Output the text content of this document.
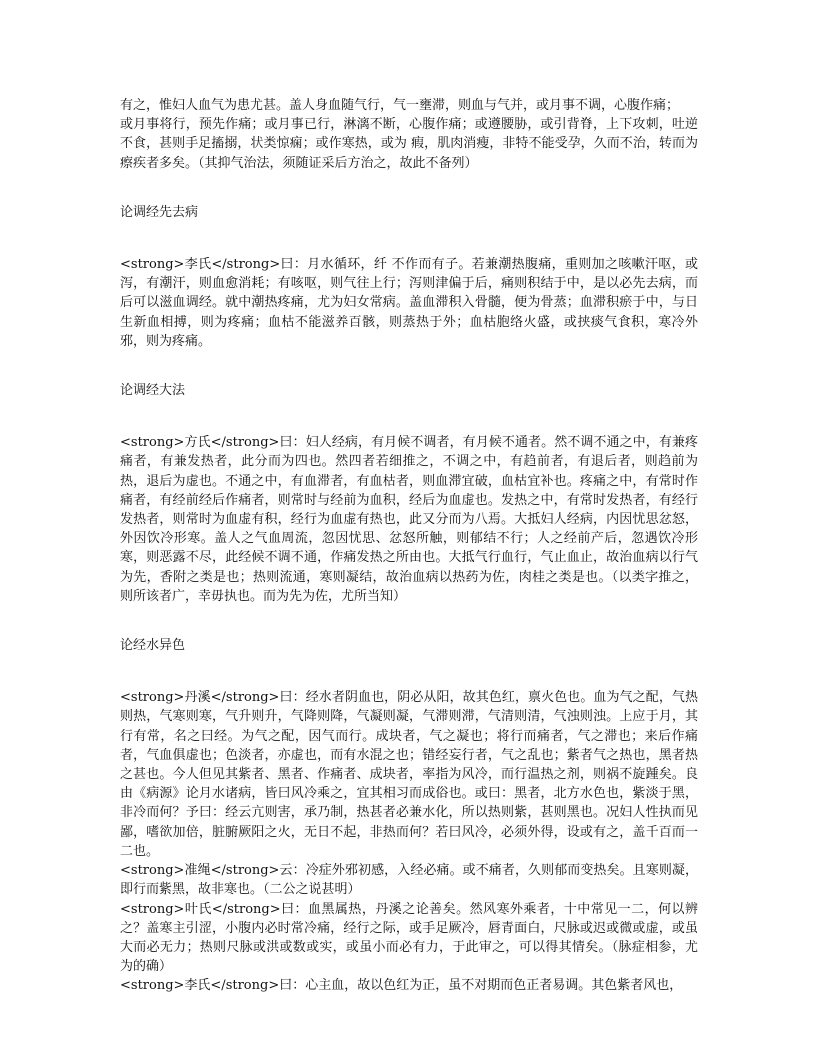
有之，惟妇人血气为患尤甚。盖人身血随气行，气一壅滞，则血与气并，或月事不调，心腹作痛；

或月事将行，预先作痛；或月事已行，淋漓不断，心腹作痛；或遵腰胁，或引背脊，上下攻刺，吐逆不食，甚则手足搐搦，状类惊痫；或作寒热，或为 瘕，肌肉消瘦，非特不能受孕，久而不治，转而为瘵疾者多矣。（其抑气治法，须随证采后方治之，故此不备列）

论调经先去病

<strong>李氏</strong>曰：月水循环，纤 不作而有子。若兼潮热腹痛，重则加之咳嗽汗呕，或泻，有潮汗，则血愈消耗；有咳呕，则气往上行；泻则津偏于后，痛则积结于中，是以必先去病，而后可以滋血调经。就中潮热疼痛，尤为妇女常病。盖血滞积入骨髓，便为骨蒸；血滞积瘀于中，与日生新血相搏，则为疼痛；血枯不能滋养百骸，则蒸热于外；血枯胞络火盛，或挟痰气食积，寒冷外邪，则为疼痛。

论调经大法

<strong>方氏</strong>曰：妇人经病，有月候不调者，有月候不通者。然不调不通之中，有兼疼痛者，有兼发热者，此分而为四也。然四者若细推之，不调之中，有趋前者，有退后者，则趋前为热，退后为虚也。不通之中，有血滞者，有血枯者，则血滞宜破，血枯宜补也。疼痛之中，有常时作痛者，有经前经后作痛者，则常时与经前为血积，经后为血虚也。发热之中，有常时发热者，有经行发热者，则常时为血虚有积，经行为血虚有热也，此又分而为八焉。大抵妇人经病，内因忧思忿怒，外因饮冷形寒。盖人之气血周流，忽因忧思、忿怒所触，则郁结不行；人之经前产后，忽遇饮冷形寒，则恶露不尽，此经候不调不通，作痛发热之所由也。大抵气行血行，气止血止，故治血病以行气为先，香附之类是也；热则流通，寒则凝结，故治血病以热药为佐，肉桂之类是也。（以类字推之，则所该者广，幸毋执也。而为先为佐，尤所当知）

论经水异色

<strong>丹溪</strong>曰：经水者阴血也，阴必从阳，故其色红，禀火色也。血为气之配，气热则热，气寒则寒，气升则升，气降则降，气凝则凝，气滞则滞，气清则清，气浊则浊。上应于月，其行有常，名之曰经。为气之配，因气而行。成块者，气之凝也；将行而痛者，气之滞也；来后作痛者，气血俱虚也；色淡者，亦虚也，而有水混之也；错经妄行者，气之乱也；紫者气之热也，黑者热之甚也。今人但见其紫者、黑者、作痛者、成块者，率指为风冷，而行温热之剂，则祸不旋踵矣。良由《病源》论月水诸病，皆曰风冷乘之，宜其相习而成俗也。或曰：黑者，北方水色也，紫淡于黑，非冷而何？予曰：经云亢则害，承乃制，热甚者必兼水化，所以热则紫，甚则黑也。况妇人性执而见鄙，嗜欲加倍，脏腑厥阳之火，无日不起，非热而何？若曰风冷，必须外得，设或有之，盖千百而一二也。

<strong>准绳</strong>云：冷症外邪初感，入经必痛。或不痛者，久则郁而变热矣。且寒则凝，即行而紫黑，故非寒也。（二公之说甚明）

<strong>叶氏</strong>曰：血黑属热，丹溪之论善矣。然风寒外乘者，十中常见一二，何以辨之？盖寒主引涩，小腹内必时常冷痛，经行之际，或手足厥冷，唇青面白，尺脉或迟或微或虚，或虽大而必无力；热则尺脉或洪或数或实，或虽小而必有力，于此审之，可以得其情矣。（脉症相参，尤为的确）

<strong>李氏</strong>曰：心主血，故以色红为正，虽不对期而色正者易调。其色紫者风也，
